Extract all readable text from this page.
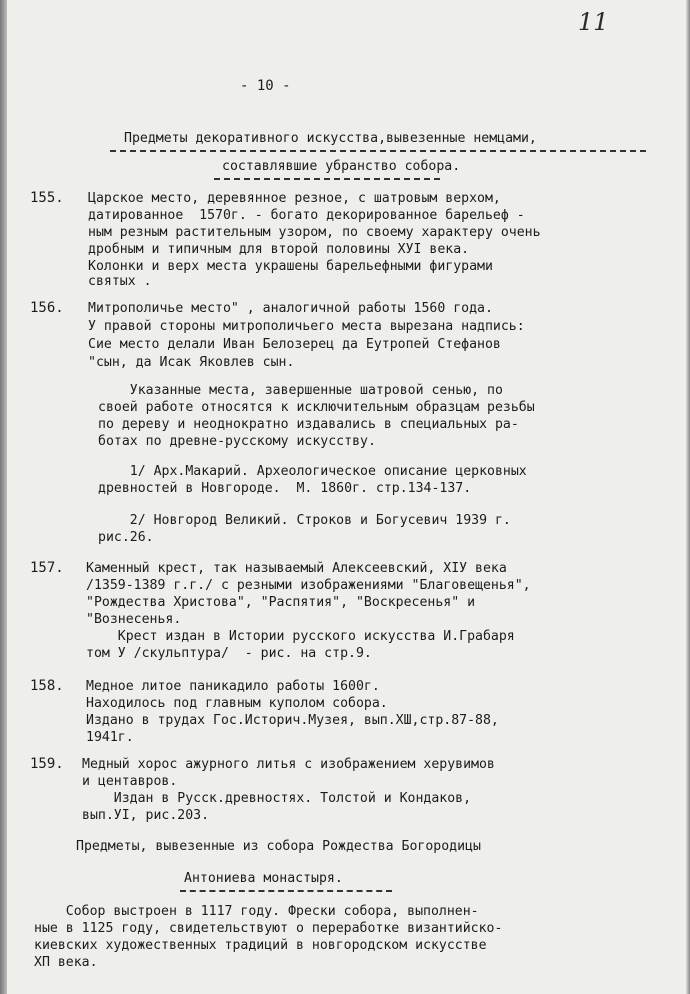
11
- 10 -
Предметы декоративного искусства,вывезенные немцами,
составлявшие убранство собора.
155. Царское место, деревянное резное, с шатровым верхом,
датированное  1570г. - богато декорированное барельеф -
ным резным растительным узором, по своему характеру очень
дробным и типичным для второй половины ХУI века.
Колонки и верх места украшены барельефными фигурами
святых .
156. Митрополичье место" , аналогичной работы 1560 года.
У правой стороны митрополичьего места вырезана надпись:
Сие место делали Иван Белозерец да Еутропей Стефанов
"сын, да Исак Яковлев сын.
Указанные места, завершенные шатровой сенью, по
своей работе относятся к исключительным образцам резьбы
по дереву и неоднократно издавались в специальных ра-
ботах по древне-русскому искусству.
1/ Арх.Макарий. Археологическое описание церковных
древностей в Новгороде.  М. 1860г. стр.134-137.
2/ Новгород Великий. Строков и Богусевич 1939 г.
рис.26.
157. Каменный крест, так называемый Алексеевский, ХIУ века
/1359-1389 г.г./ с резными изображениями "Благовещенья",
"Рождества Христова", "Распятия", "Воскресенья" и
"Вознесенья.
Крест издан в Истории русского искусства И.Грабаря
том У /скульптура/  - рис. на стр.9.
158. Медное литое паникадило работы 1600г.
Находилось под главным куполом собора.
Издано в трудах Гос.Историч.Музея, вып.ХШ,стр.87-88,
1941г.
159. Медный хорос ажурного литья с изображением херувимов
и центавров.
Издан в Русск.древностях. Толстой и Кондаков,
вып.УI, рис.203.
Предметы, вывезенные из собора Рождества Богородицы
Антониева монастыря.
Собор выстроен в 1117 году. Фрески собора, выполнен-
ные в 1125 году, свидетельствуют о переработке византийско-
киевских художественных традиций в новгородском искусстве
ХП века.
